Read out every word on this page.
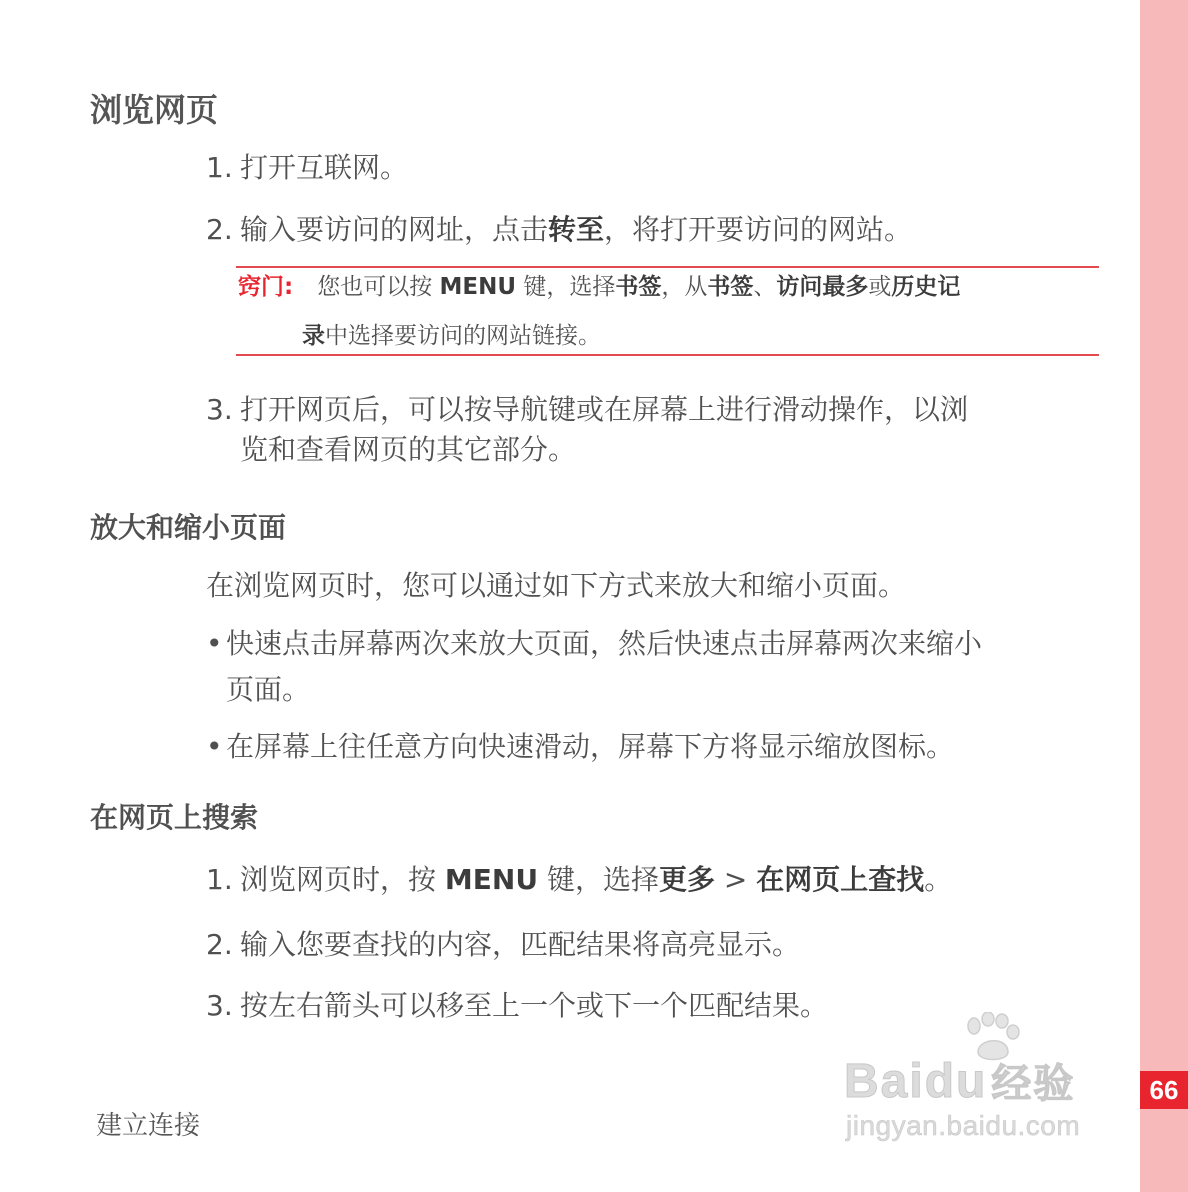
66
浏览网页
1. 打开互联网。
2. 输入要访问的网址，点击转至，将打开要访问的网站。
窍门: 您也可以按 MENU 键，选择书签，从书签、访问最多或历史记
录中选择要访问的网站链接。
3. 打开网页后，可以按导航键或在屏幕上进行滑动操作，以浏
览和查看网页的其它部分。
放大和缩小页面

在浏览网页时，您可以通过如下方式来放大和缩小页面。

• 快速点击屏幕两次来放大页面，然后快速点击屏幕两次来缩小
页面。
• 在屏幕上往任意方向快速滑动，屏幕下方将显示缩放图标。
在网页上搜索
1. 浏览网页时，按 MENU 键，选择更多 > 在网页上查找。
2. 输入您要查找的内容，匹配结果将高亮显示。
3. 按左右箭头可以移至上一个或下一个匹配结果。

建立连接

Baidu 经验
jingyan.baidu.com
